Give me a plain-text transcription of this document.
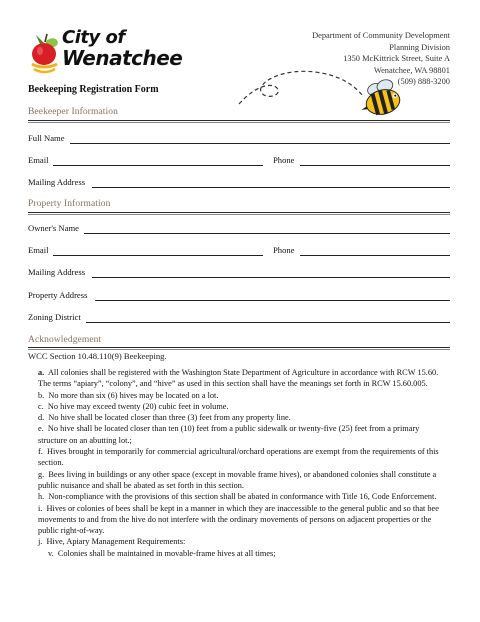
City of
Wenatchee
Department of Community Development
Planning Division
1350 McKittrick Street, Suite A
Wenatchee, WA 98801
(509) 888-3200
Beekeeping Registration Form
Beekeeper Information
Full Name
Email	Phone
Mailing Address
Property Information
Owner's Name
Email	Phone
Mailing Address
Property Address
Zoning District
Acknowledgement
WCC Section 10.48.110(9) Beekeeping.

a. All colonies shall be registered with the Washington State Department of Agriculture in accordance with RCW 15.60. The terms “apiary”, “colony”, and “hive” as used in this section shall have the meanings set forth in RCW 15.60.005.

b. No more than six (6) hives may be located on a lot.

c. No hive may exceed twenty (20) cubic feet in volume.

d. No hive shall be located closer than three (3) feet from any property line.

e. No hive shall be located closer than ten (10) feet from a public sidewalk or twenty-five (25) feet from a primary structure on an abutting lot.;

f. Hives brought in temporarily for commercial agricultural/orchard operations are exempt from the requirements of this section.

g. Bees living in buildings or any other space (except in movable frame hives), or abandoned colonies shall constitute a public nuisance and shall be abated as set forth in this section.

h. Non-compliance with the provisions of this section shall be abated in conformance with Title 16, Code Enforcement.

i. Hives or colonies of bees shall be kept in a manner in which they are inaccessible to the general public and so that bee movements to and from the hive do not interfere with the ordinary movements of persons on adjacent properties or the public right-of-way.

j. Hive, Apiary Management Requirements:

v. Colonies shall be maintained in movable-frame hives at all times;
